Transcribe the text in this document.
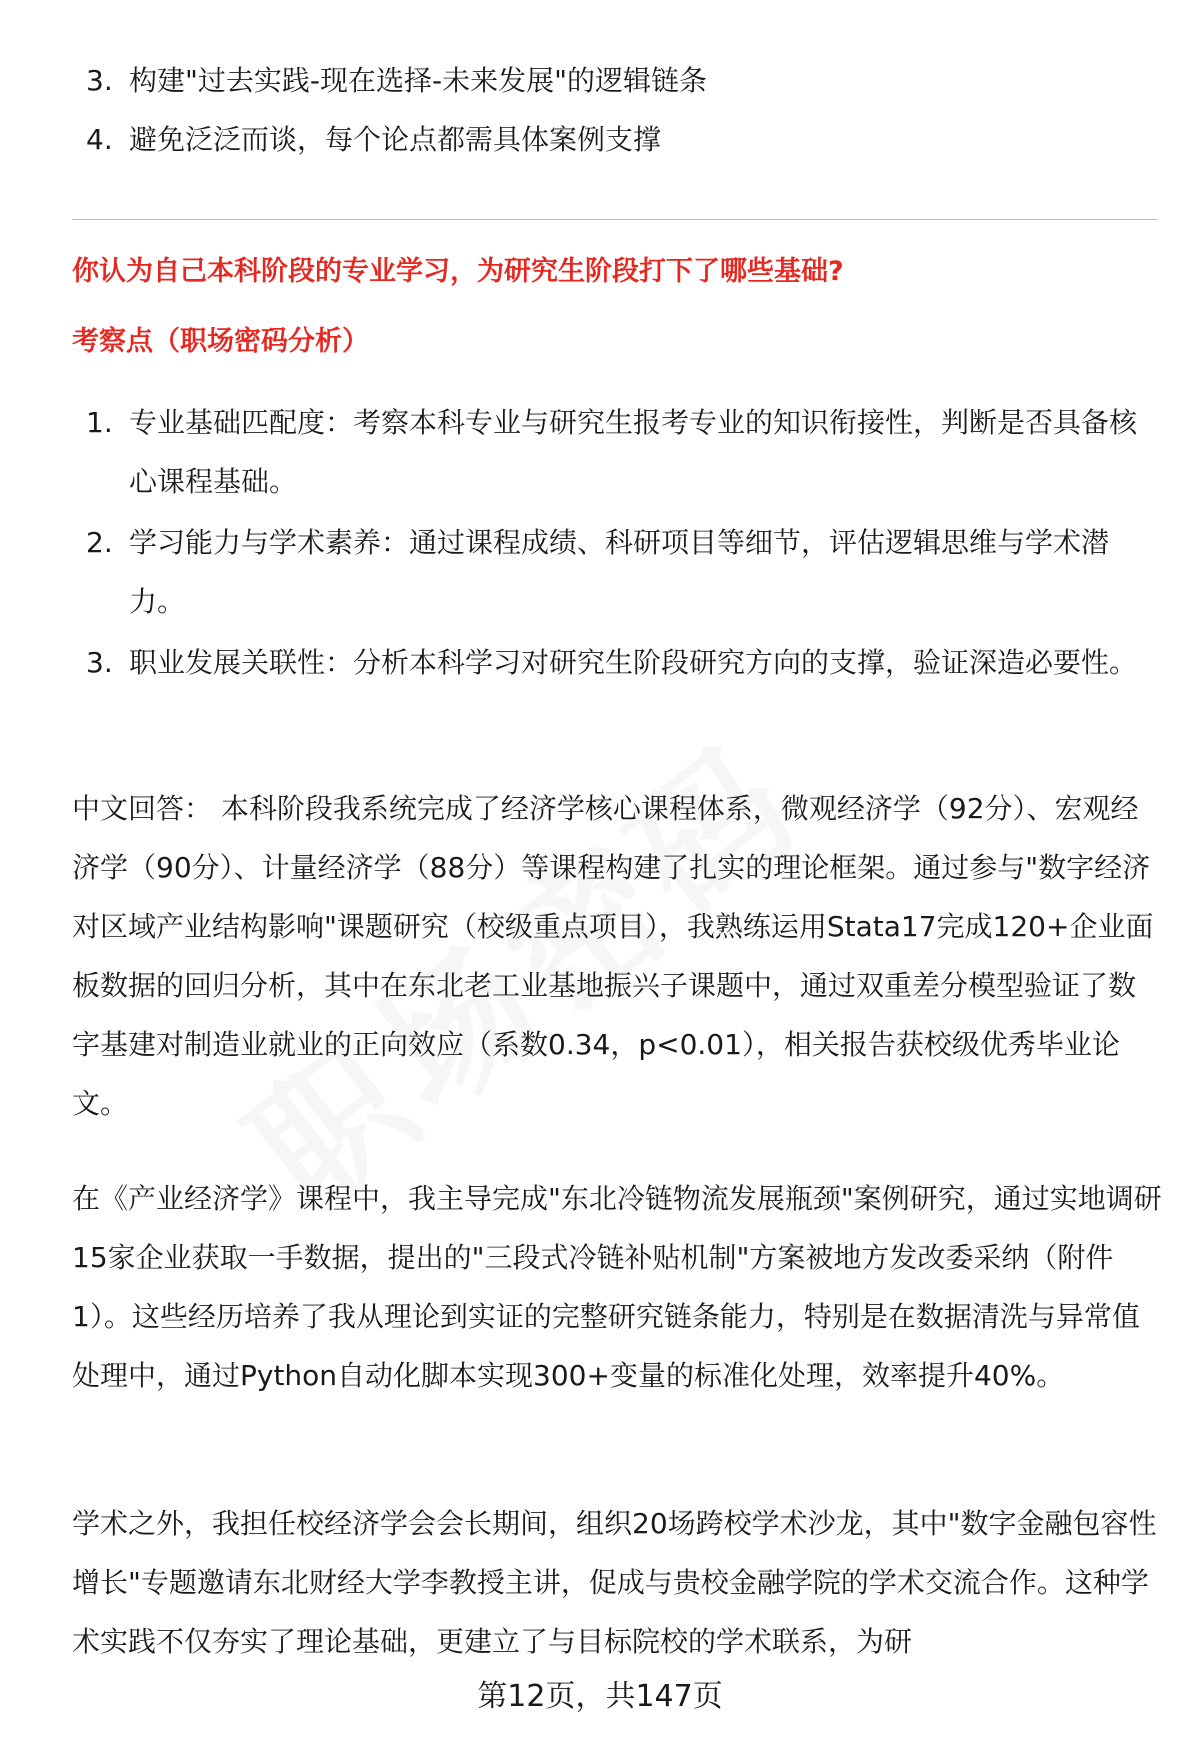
3. 构建"过去实践-现在选择-未来发展"的逻辑链条
4. 避免泛泛而谈，每个论点都需具体案例支撑
你认为自己本科阶段的专业学习，为研究生阶段打下了哪些基础?
考察点（职场密码分析）
1. 专业基础匹配度：考察本科专业与研究生报考专业的知识衔接性，判断是否具备核心课程基础。
2. 学习能力与学术素养：通过课程成绩、科研项目等细节，评估逻辑思维与学术潜力。
3. 职业发展关联性：分析本科学习对研究生阶段研究方向的支撑，验证深造必要性。

中文回答： 本科阶段我系统完成了经济学核心课程体系，微观经济学（92分）、宏观经济学（90分）、计量经济学（88分）等课程构建了扎实的理论框架。通过参与"数字经济对区域产业结构影响"课题研究（校级重点项目），我熟练运用Stata17完成120+企业面板数据的回归分析，其中在东北老工业基地振兴子课题中，通过双重差分模型验证了数字基建对制造业就业的正向效应（系数0.34，p<0.01），相关报告获校级优秀毕业论文。

在《产业经济学》课程中，我主导完成"东北冷链物流发展瓶颈"案例研究，通过实地调研15家企业获取一手数据，提出的"三段式冷链补贴机制"方案被地方发改委采纳（附件1）。这些经历培养了我从理论到实证的完整研究链条能力，特别是在数据清洗与异常值处理中，通过Python自动化脚本实现300+变量的标准化处理，效率提升40%。

学术之外，我担任校经济学会会长期间，组织20场跨校学术沙龙，其中"数字金融包容性增长"专题邀请东北财经大学李教授主讲，促成与贵校金融学院的学术交流合作。这种学术实践不仅夯实了理论基础，更建立了与目标院校的学术联系，为研

第12页，共147页
